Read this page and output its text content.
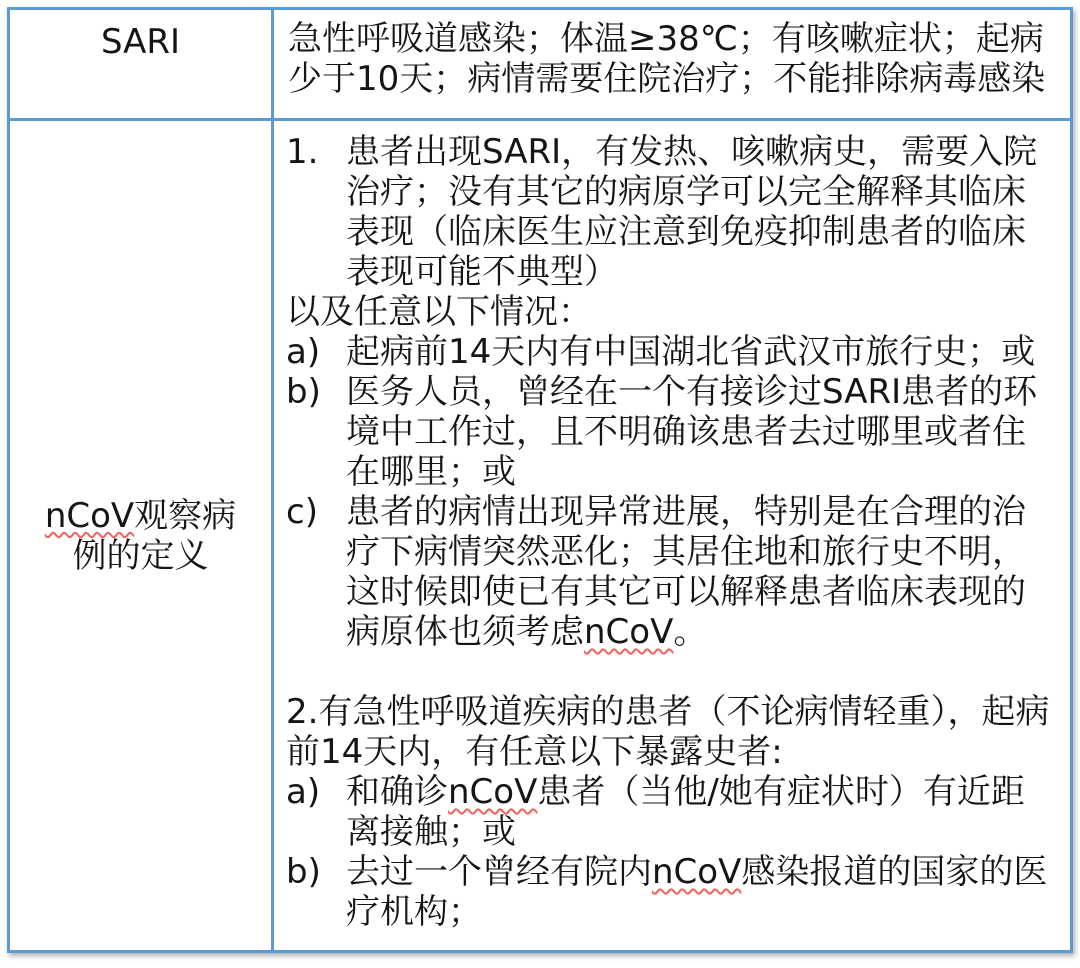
SARI	急性呼吸道感染；体温≥38℃；有咳嗽症状；起病少于10天；病情需要住院治疗；不能排除病毒感染
nCoV观察病例的定义
1. 患者出现SARI，有发热、咳嗽病史，需要入院治疗；没有其它的病原学可以完全解释其临床表现（临床医生应注意到免疫抑制患者的临床表现可能不典型）
以及任意以下情况：
a) 起病前14天内有中国湖北省武汉市旅行史；或
b) 医务人员，曾经在一个有接诊过SARI患者的环境中工作过，且不明确该患者去过哪里或者住在哪里；或
c) 患者的病情出现异常进展，特别是在合理的治疗下病情突然恶化；其居住地和旅行史不明，这时候即使已有其它可以解释患者临床表现的病原体也须考虑nCoV。
2.有急性呼吸道疾病的患者（不论病情轻重），起病前14天内，有任意以下暴露史者:
a) 和确诊nCoV患者（当他/她有症状时）有近距离接触；或
b) 去过一个曾经有院内nCoV感染报道的国家的医疗机构；
